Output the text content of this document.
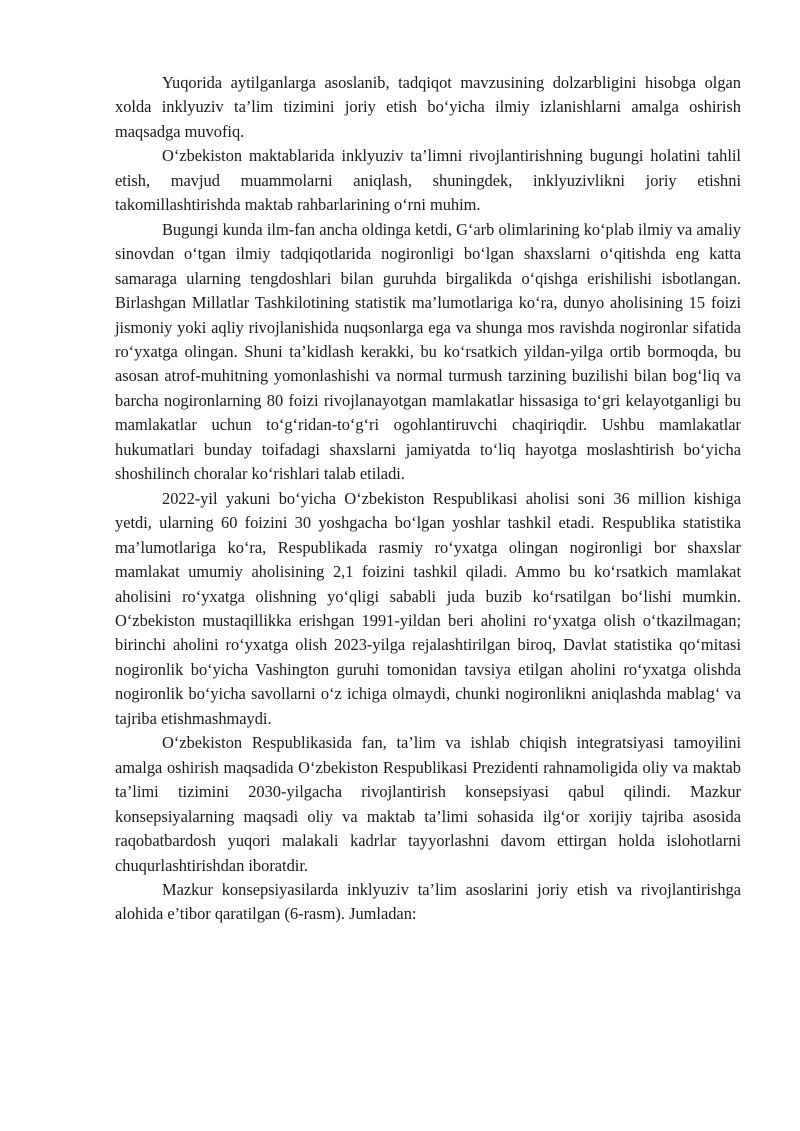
Yuqorida aytilganlarga asoslanib, tadqiqot mavzusining dolzarbligini hisobga olgan xolda inklyuziv ta’lim tizimini joriy etish bo‘yicha ilmiy izlanishlarni amalga oshirish maqsadga muvofiq.

O‘zbekiston maktablarida inklyuziv ta’limni rivojlantirishning bugungi holatini tahlil etish, mavjud muammolarni aniqlash, shuningdek, inklyuzivlikni joriy etishni takomillashtirishda maktab rahbarlarining o‘rni muhim.

Bugungi kunda ilm-fan ancha oldinga ketdi, G‘arb olimlarining ko‘plab ilmiy va amaliy sinovdan o‘tgan ilmiy tadqiqotlarida nogironligi bo‘lgan shaxslarni o‘qitishda eng katta samaraga ularning tengdoshlari bilan guruhda birgalikda o‘qishga erishilishi isbotlangan. Birlashgan Millatlar Tashkilotining statistik ma’lumotlariga ko‘ra, dunyo aholisining 15 foizi jismoniy yoki aqliy rivojlanishida nuqsonlarga ega va shunga mos ravishda nogironlar sifatida ro‘yxatga olingan. Shuni ta’kidlash kerakki, bu ko‘rsatkich yildan-yilga ortib bormoqda, bu asosan atrof-muhitning yomonlashishi va normal turmush tarzining buzilishi bilan bog‘liq va barcha nogironlarning 80 foizi rivojlanayotgan mamlakatlar hissasiga to‘gri kelayotganligi bu mamlakatlar uchun to‘g‘ridan-to‘g‘ri ogohlantiruvchi chaqiriqdir. Ushbu mamlakatlar hukumatlari bunday toifadagi shaxslarni jamiyatda to‘liq hayotga moslashtirish bo‘yicha shoshilinch choralar ko‘rishlari talab etiladi.

2022-yil yakuni bo‘yicha O‘zbekiston Respublikasi aholisi soni 36 million kishiga yetdi, ularning 60 foizini 30 yoshgacha bo‘lgan yoshlar tashkil etadi. Respublika statistika ma’lumotlariga ko‘ra, Respublikada rasmiy ro‘yxatga olingan nogironligi bor shaxslar mamlakat umumiy aholisining 2,1 foizini tashkil qiladi. Ammo bu ko‘rsatkich mamlakat aholisini ro‘yxatga olishning yo‘qligi sababli juda buzib ko‘rsatilgan bo‘lishi mumkin. O‘zbekiston mustaqillikka erishgan 1991-yildan beri aholini ro‘yxatga olish o‘tkazilmagan; birinchi aholini ro‘yxatga olish 2023-yilga rejalashtirilgan biroq, Davlat statistika qo‘mitasi nogironlik bo‘yicha Vashington guruhi tomonidan tavsiya etilgan aholini ro‘yxatga olishda nogironlik bo‘yicha savollarni o‘z ichiga olmaydi, chunki nogironlikni aniqlashda mablag‘ va tajriba etishmashmaydi.

O‘zbekiston Respublikasida fan, ta’lim va ishlab chiqish integratsiyasi tamoyilini amalga oshirish maqsadida O‘zbekiston Respublikasi Prezidenti rahnamoligida oliy va maktab ta’limi tizimini 2030-yilgacha rivojlantirish konsepsiyasi qabul qilindi. Mazkur konsepsiyalarning maqsadi oliy va maktab ta’limi sohasida ilg‘or xorijiy tajriba asosida raqobatbardosh yuqori malakali kadrlar tayyorlashni davom ettirgan holda islohotlarni chuqurlashtirishdan iboratdir.

Mazkur konsepsiyasilarda inklyuziv ta’lim asoslarini joriy etish va rivojlantirishga alohida e’tibor qaratilgan (6-rasm). Jumladan:
